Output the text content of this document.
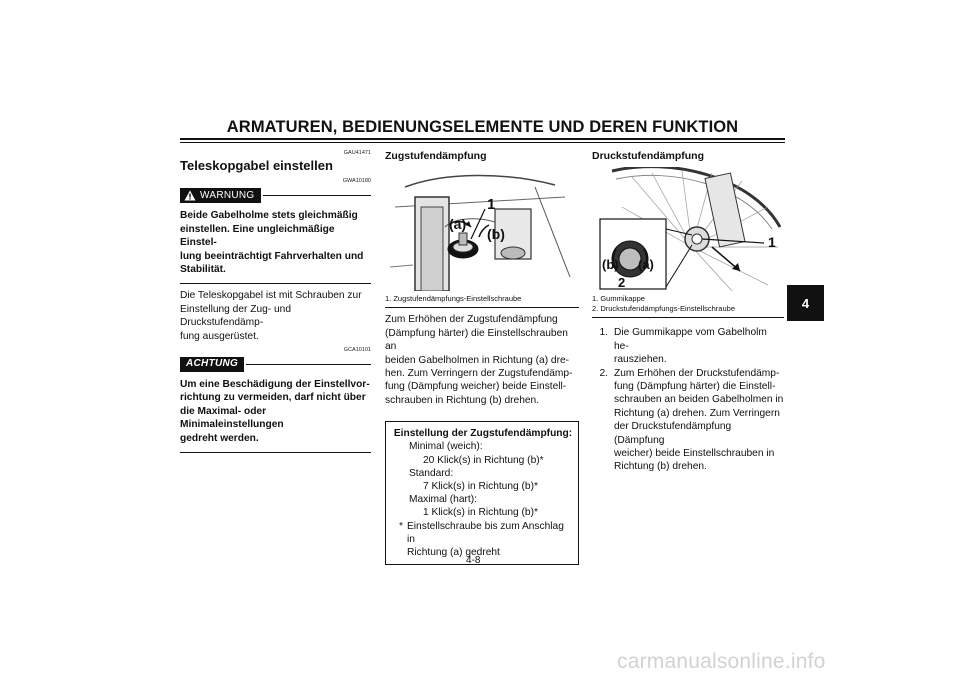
ARMATUREN, BEDIENUNGSELEMENTE UND DEREN FUNKTION
4
GAU41471
Teleskopgabel einstellen
GWA10180
WARNUNG
Beide Gabelholme stets gleichmäßig
einstellen. Eine ungleichmäßige Einstel-
lung beeinträchtigt Fahrverhalten und
Stabilität.
Die Teleskopgabel ist mit Schrauben zur
Einstellung der Zug- und Druckstufendämp-
fung ausgerüstet.
GCA10101
ACHTUNG
Um eine Beschädigung der Einstellvor-
richtung zu vermeiden, darf nicht über
die Maximal- oder Minimaleinstellungen
gedreht werden.
Zugstufendämpfung
(a)
(b)
1
1. Zugstufendämpfungs-Einstellschraube
Zum Erhöhen der Zugstufendämpfung
(Dämpfung härter) die Einstellschrauben an
beiden Gabelholmen in Richtung (a) dre-
hen. Zum Verringern der Zugstufendämp-
fung (Dämpfung weicher) beide Einstell-
schrauben in Richtung (b) drehen.
Einstellung der Zugstufendämpfung:
Minimal (weich):
20 Klick(s) in Richtung (b)*
Standard:
7 Klick(s) in Richtung (b)*
Maximal (hart):
1 Klick(s) in Richtung (b)*
* Einstellschraube bis zum Anschlag in
Richtung (a) gedreht
Druckstufendämpfung
(b) (a)
2
1
1. Gummikappe
2. Druckstufendämpfungs-Einstellschraube
1. Die Gummikappe vom Gabelholm he-
rausziehen.
2. Zum Erhöhen der Druckstufendämp-
fung (Dämpfung härter) die Einstell-
schrauben an beiden Gabelholmen in
Richtung (a) drehen. Zum Verringern
der Druckstufendämpfung (Dämpfung
weicher) beide Einstellschrauben in
Richtung (b) drehen.
4-8
carmanualsonline.info
